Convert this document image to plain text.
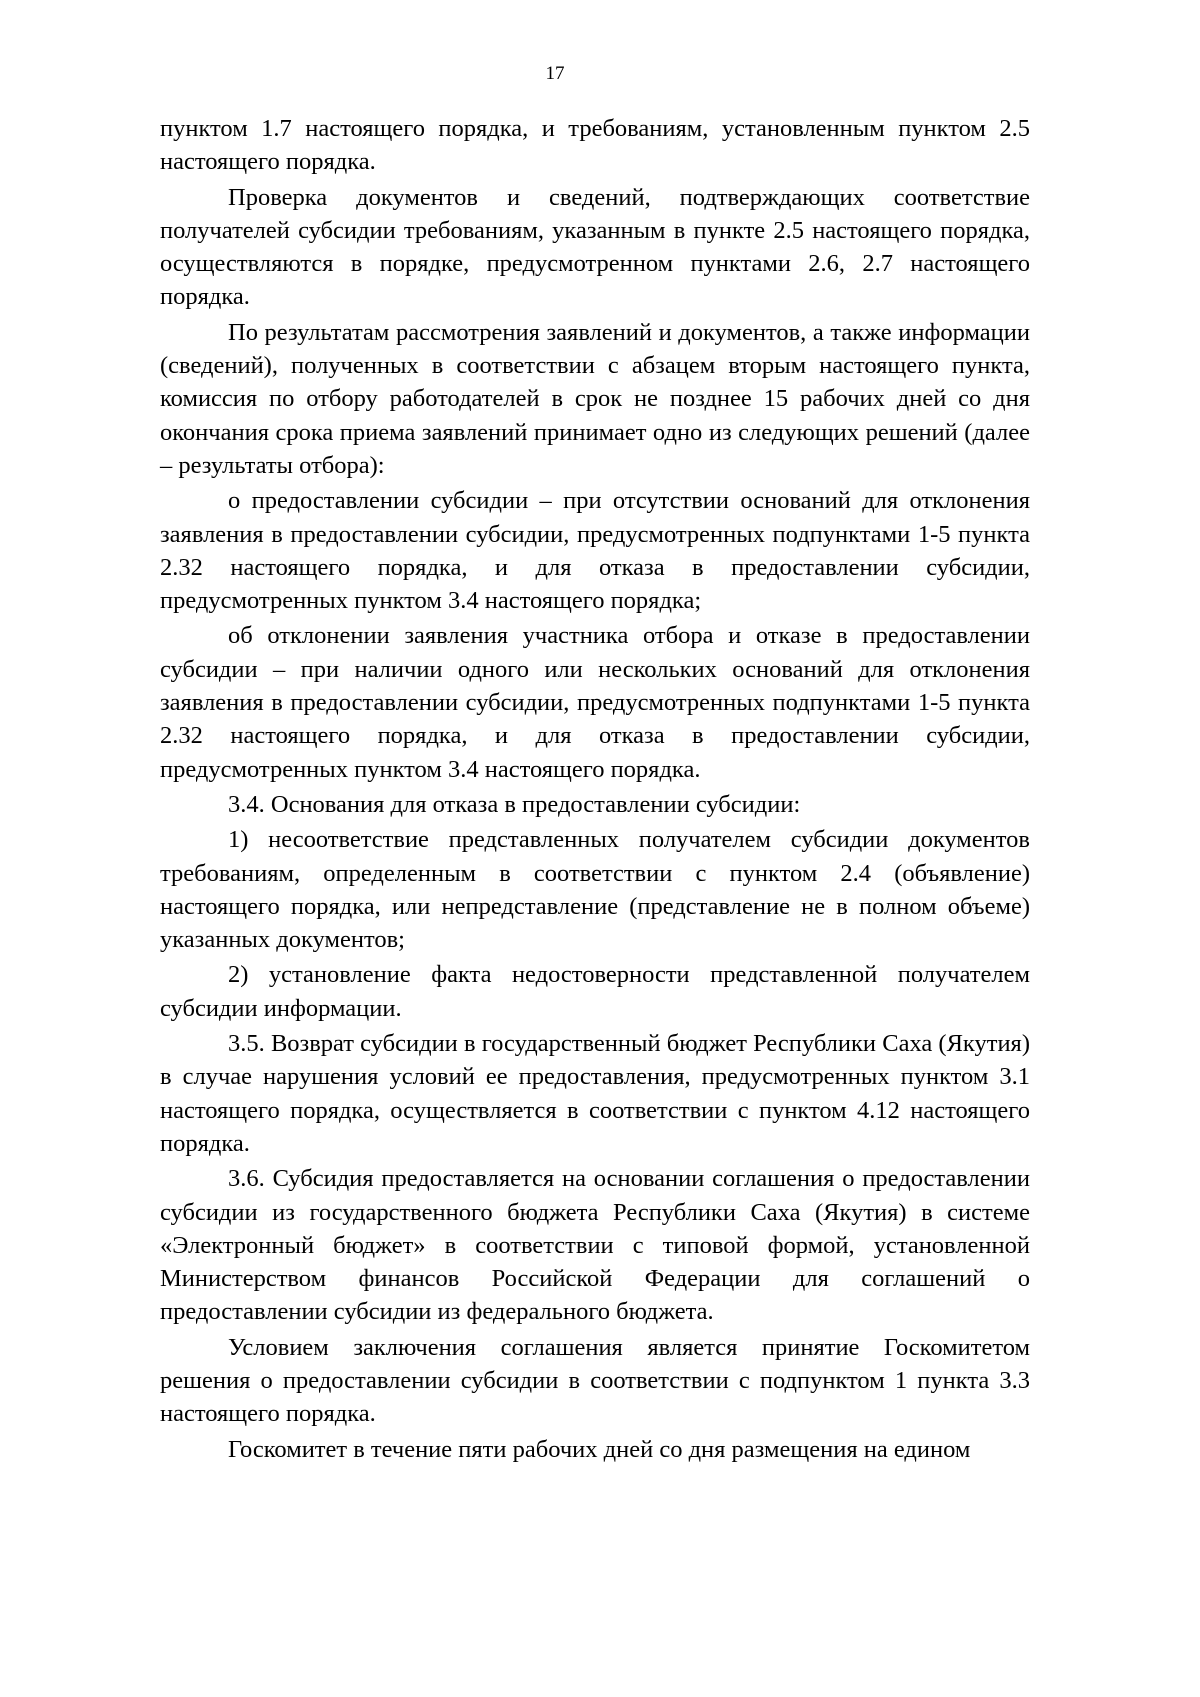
17

пунктом 1.7 настоящего порядка, и требованиям, установленным пунктом 2.5 настоящего порядка.

Проверка документов и сведений, подтверждающих соответствие получателей субсидии требованиям, указанным в пункте 2.5 настоящего порядка, осуществляются в порядке, предусмотренном пунктами 2.6, 2.7 настоящего порядка.

По результатам рассмотрения заявлений и документов, а также информации (сведений), полученных в соответствии с абзацем вторым настоящего пункта, комиссия по отбору работодателей в срок не позднее 15 рабочих дней со дня окончания срока приема заявлений принимает одно из следующих решений (далее – результаты отбора):

о предоставлении субсидии – при отсутствии оснований для отклонения заявления в предоставлении субсидии, предусмотренных подпунктами 1-5 пункта 2.32 настоящего порядка, и для отказа в предоставлении субсидии, предусмотренных пунктом 3.4 настоящего порядка;

об отклонении заявления участника отбора и отказе в предоставлении субсидии – при наличии одного или нескольких оснований для отклонения заявления в предоставлении субсидии, предусмотренных подпунктами 1-5 пункта 2.32 настоящего порядка, и для отказа в предоставлении субсидии, предусмотренных пунктом 3.4 настоящего порядка.

3.4. Основания для отказа в предоставлении субсидии:

1) несоответствие представленных получателем субсидии документов требованиям, определенным в соответствии с пунктом 2.4 (объявление) настоящего порядка, или непредставление (представление не в полном объеме) указанных документов;

2) установление факта недостоверности представленной получателем субсидии информации.

3.5. Возврат субсидии в государственный бюджет Республики Саха (Якутия) в случае нарушения условий ее предоставления, предусмотренных пунктом 3.1 настоящего порядка, осуществляется в соответствии с пунктом 4.12 настоящего порядка.

3.6. Субсидия предоставляется на основании соглашения о предоставлении субсидии из государственного бюджета Республики Саха (Якутия) в системе «Электронный бюджет» в соответствии с типовой формой, установленной Министерством финансов Российской Федерации для соглашений о предоставлении субсидии из федерального бюджета.

Условием заключения соглашения является принятие Госкомитетом решения о предоставлении субсидии в соответствии с подпунктом 1 пункта 3.3 настоящего порядка.

Госкомитет в течение пяти рабочих дней со дня размещения на едином
